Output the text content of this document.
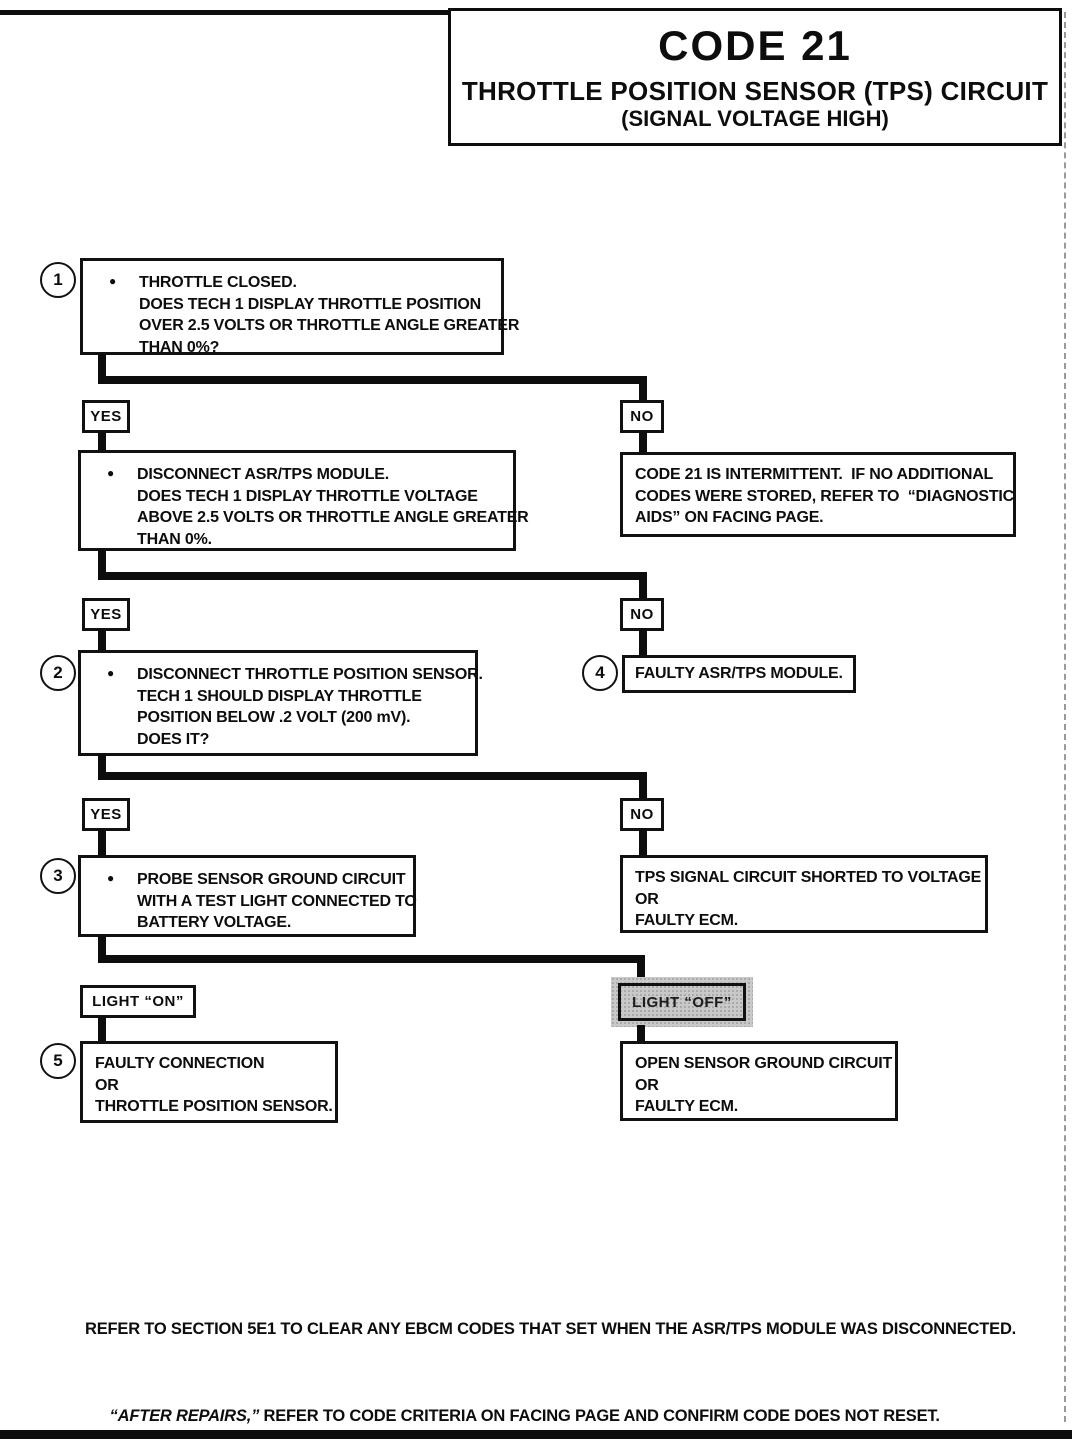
CODE 21
THROTTLE POSITION SENSOR (TPS) CIRCUIT
(SIGNAL VOLTAGE HIGH)
1	● THROTTLE CLOSED.
DOES TECH 1 DISPLAY THROTTLE POSITION
OVER 2.5 VOLTS OR THROTTLE ANGLE GREATER
THAN 0%?
YES	NO
● DISCONNECT ASR/TPS MODULE.
DOES TECH 1 DISPLAY THROTTLE VOLTAGE
ABOVE 2.5 VOLTS OR THROTTLE ANGLE GREATER
THAN 0%.
CODE 21 IS INTERMITTENT.  IF NO ADDITIONAL
CODES WERE STORED, REFER TO  “DIAGNOSTIC
AIDS” ON FACING PAGE.
YES	NO
2	● DISCONNECT THROTTLE POSITION SENSOR.
TECH 1 SHOULD DISPLAY THROTTLE
POSITION BELOW .2 VOLT (200 mV).
DOES IT?
4 FAULTY ASR/TPS MODULE.
YES	NO
3	● PROBE SENSOR GROUND CIRCUIT
WITH A TEST LIGHT CONNECTED TO
BATTERY VOLTAGE.
TPS SIGNAL CIRCUIT SHORTED TO VOLTAGE
OR
FAULTY ECM.
LIGHT “ON”	LIGHT “OFF”
5 FAULTY CONNECTION
OR
THROTTLE POSITION SENSOR.
OPEN SENSOR GROUND CIRCUIT
OR
FAULTY ECM.
REFER TO SECTION 5E1 TO CLEAR ANY EBCM CODES THAT SET WHEN THE ASR/TPS MODULE WAS DISCONNECTED.

“AFTER REPAIRS,” REFER TO CODE CRITERIA ON FACING PAGE AND CONFIRM CODE DOES NOT RESET.
